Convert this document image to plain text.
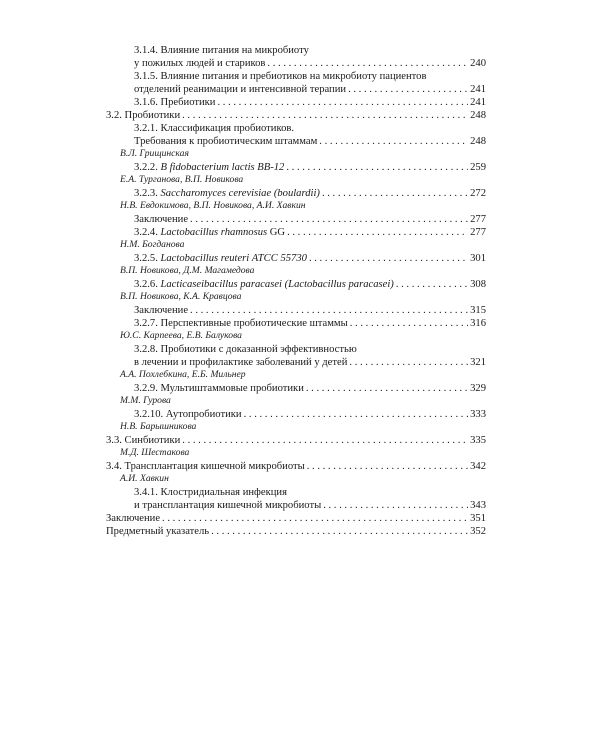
3.1.4. Влияние питания на микробиоту
у пожилых людей и стариков . . .	240
3.1.5. Влияние питания и пребиотиков на микробиоту пациентов
отделений реанимации и интенсивной терапии . . .	241
3.1.6. Пребиотики . . .	241
3.2. Пробиотики . . .	248
3.2.1. Классификация пробиотиков.
Требования к пробиотическим штаммам . . .	248
В.Л. Грищинская
3.2.2. B fidobacterium lactis BB-12 . . .	259
Е.А. Турганова, В.П. Новикова
3.2.3. Saccharomyces cerevisiae (boulardii) . . .	272
Н.В. Евдокимова, В.П. Новикова, А.И. Хавкин
Заключение . . .	277
3.2.4. Lactobacillus rhamnosus GG . . .	277
Н.М. Богданова
3.2.5. Lactobacillus reuteri ATCC 55730 . . .	301
В.П. Новикова, Д.М. Магамедова
3.2.6. Lacticaseibacillus paracasei (Lactobacillus paracasei) . . .	308
В.П. Новикова, К.А. Кравцова
Заключение . . .	315
3.2.7. Перспективные пробиотические штаммы . . .	316
Ю.С. Карпеева, Е.В. Балукова
3.2.8. Пробиотики с доказанной эффективностью
в лечении и профилактике заболеваний у детей . . .	321
А.А. Похлебкина, Е.Б. Мильнер
3.2.9. Мультиштаммовые пробиотики . . .	329
М.М. Гурова
3.2.10. Аутопробиотики . . .	333
Н.В. Барышникова
3.3. Синбиотики . . .	335
М.Д. Шестакова
3.4. Трансплантация кишечной микробиоты . . .	342
А.И. Хавкин
3.4.1. Клостридиальная инфекция
и трансплантация кишечной микробиоты . . .	343
Заключение . . .	351
Предметный указатель . . .	352
